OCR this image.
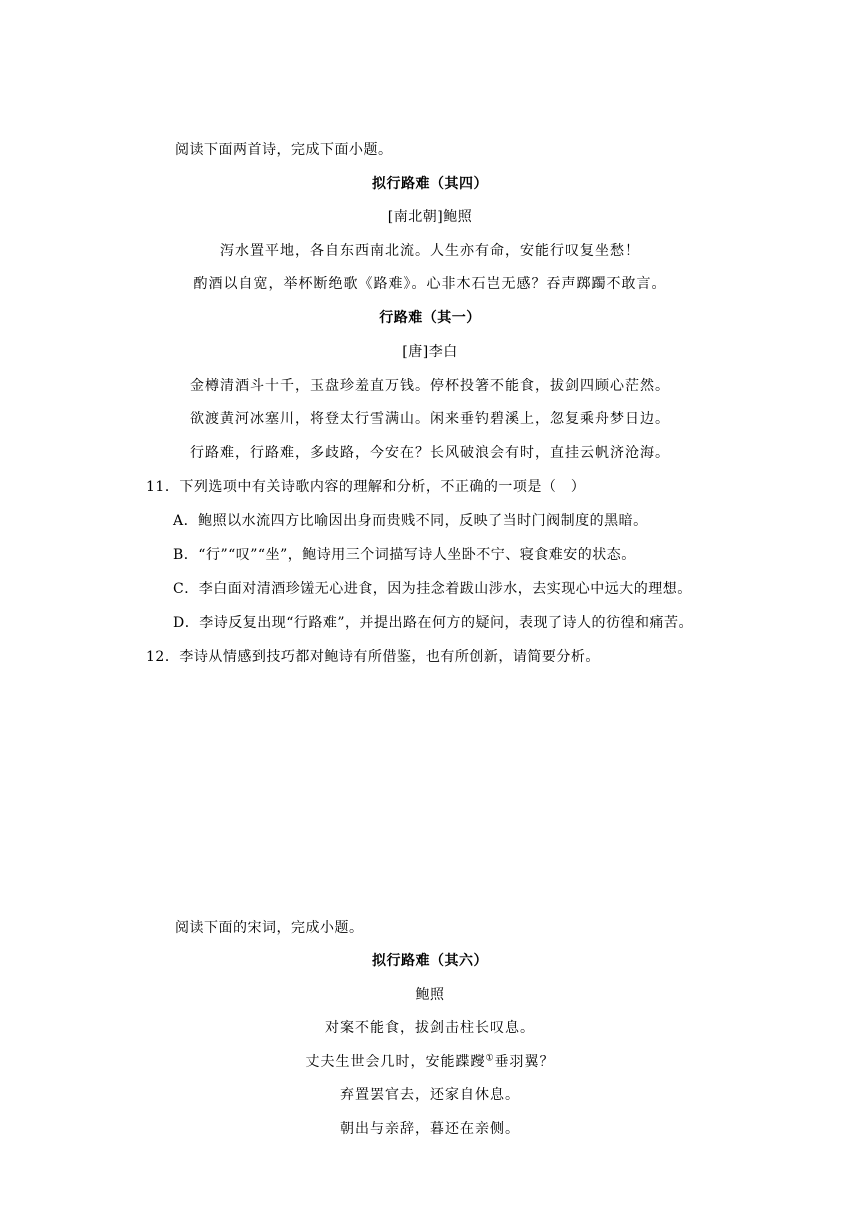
阅读下面两首诗，完成下面小题。
拟行路难（其四）
[南北朝]鲍照
泻水置平地，各自东西南北流。人生亦有命，安能行叹复坐愁！
酌酒以自宽，举杯断绝歌《路难》。心非木石岂无感？吞声踯躅不敢言。
行路难（其一）
[唐]李白
金樽清酒斗十千，玉盘珍羞直万钱。停杯投箸不能食，拔剑四顾心茫然。
欲渡黄河冰塞川，将登太行雪满山。闲来垂钓碧溪上，忽复乘舟梦日边。
行路难，行路难，多歧路，今安在？长风破浪会有时，直挂云帆济沧海。
11．下列选项中有关诗歌内容的理解和分析，不正确的一项是（　）
A．鲍照以水流四方比喻因出身而贵贱不同，反映了当时门阀制度的黑暗。
B．“行”“叹”“坐”，鲍诗用三个词描写诗人坐卧不宁、寝食难安的状态。
C．李白面对清酒珍馐无心进食，因为挂念着跋山涉水，去实现心中远大的理想。
D．李诗反复出现“行路难”，并提出路在何方的疑问，表现了诗人的彷徨和痛苦。
12．李诗从情感到技巧都对鲍诗有所借鉴，也有所创新，请简要分析。
阅读下面的宋词，完成小题。
拟行路难（其六）
鲍照
对案不能食，拔剑击柱长叹息。
丈夫生世会几时，安能蹀躞①垂羽翼？
弃置罢官去，还家自休息。
朝出与亲辞，暮还在亲侧。
